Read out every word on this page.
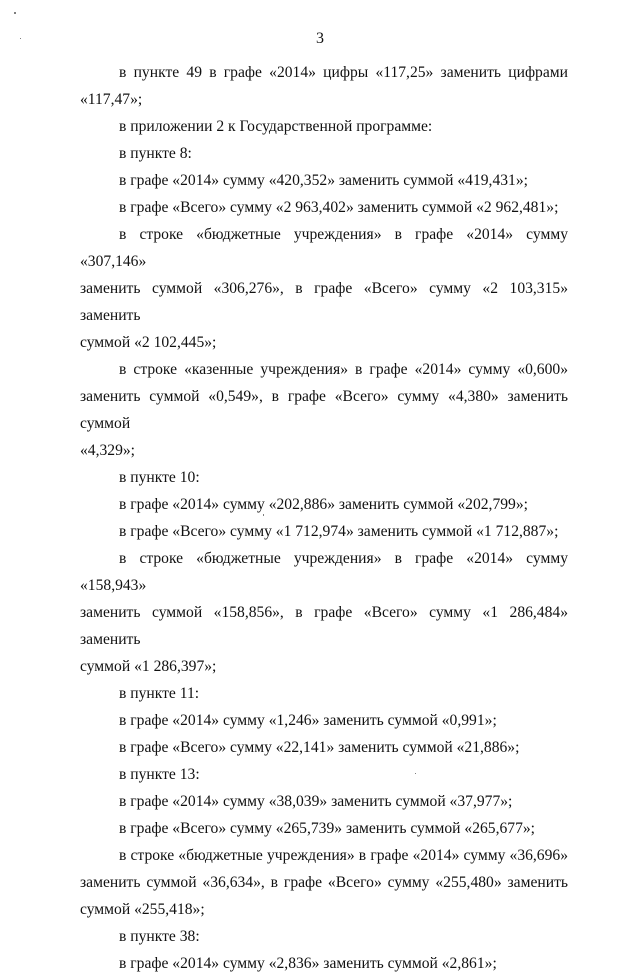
3
в пункте 49 в графе «2014» цифры «117,25» заменить цифрами
«117,47»;
в приложении 2 к Государственной программе:
в пункте 8:
в графе «2014» сумму «420,352» заменить суммой «419,431»;
в графе «Всего» сумму «2 963,402» заменить суммой «2 962,481»;
в строке «бюджетные учреждения» в графе «2014» сумму «307,146»
заменить суммой «306,276», в графе «Всего» сумму «2 103,315» заменить
суммой «2 102,445»;
в строке «казенные учреждения» в графе «2014» сумму «0,600»
заменить суммой «0,549», в графе «Всего» сумму «4,380» заменить суммой
«4,329»;
в пункте 10:
в графе «2014» сумму «202,886» заменить суммой «202,799»;
в графе «Всего» сумму «1 712,974» заменить суммой «1 712,887»;
в строке «бюджетные учреждения» в графе «2014» сумму «158,943»
заменить суммой «158,856», в графе «Всего» сумму «1 286,484» заменить
суммой «1 286,397»;
в пункте 11:
в графе «2014» сумму «1,246» заменить суммой «0,991»;
в графе «Всего» сумму «22,141» заменить суммой «21,886»;
в пункте 13:
в графе «2014» сумму «38,039» заменить суммой «37,977»;
в графе «Всего» сумму «265,739» заменить суммой «265,677»;
в строке «бюджетные учреждения» в графе «2014» сумму «36,696»
заменить суммой «36,634», в графе «Всего» сумму «255,480» заменить
суммой «255,418»;
в пункте 38:
в графе «2014» сумму «2,836» заменить суммой «2,861»;
